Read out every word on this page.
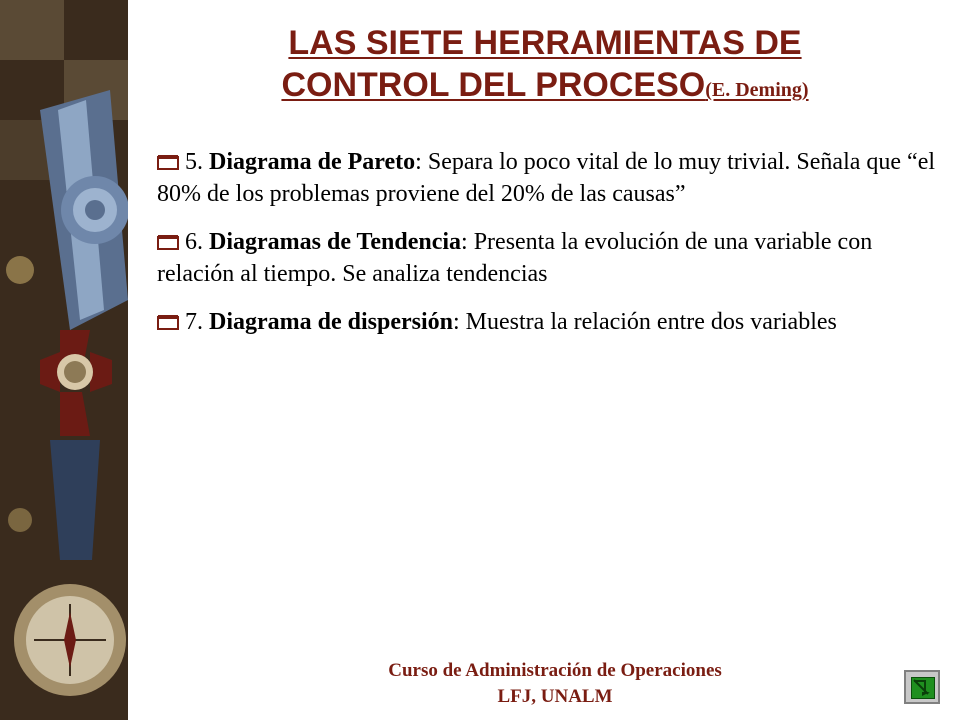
LAS SIETE HERRAMIENTAS DE
CONTROL DEL PROCESO(E. Deming)
5. Diagrama de Pareto: Separa lo poco vital de lo muy trivial. Señala que “el 80% de los problemas proviene del 20% de las causas”
6. Diagramas de Tendencia: Presenta la evolución de una variable con relación al tiempo. Se analiza tendencias
7. Diagrama de dispersión: Muestra la relación entre dos variables
Curso de Administración de Operaciones
LFJ, UNALM
